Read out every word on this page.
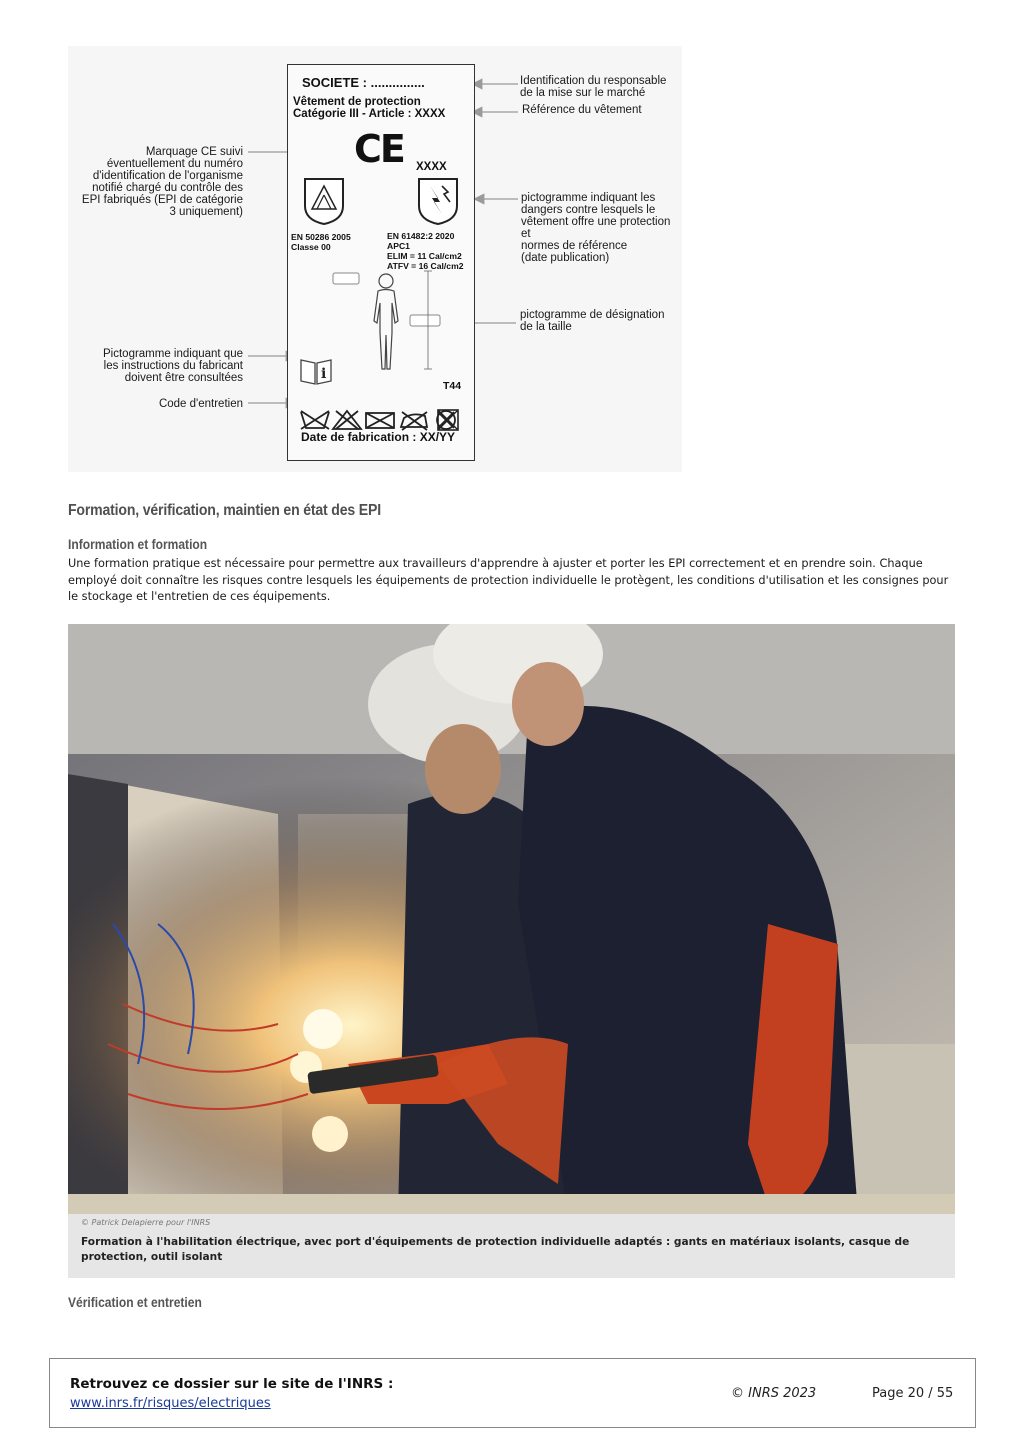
Marquage CE suivi
éventuellement du numéro
d'identification de l'organisme
notifié chargé du contrôle des
EPI fabriqués (EPI de catégorie
3 uniquement)
Pictogramme indiquant que
les instructions du fabricant
doivent être consultées
Code d'entretien
Identification du responsable
de la mise sur le marché
Référence du vêtement
pictogramme indiquant les
dangers contre lesquels le
vêtement offre une protection
et
normes de référence
(date publication)
pictogramme de désignation
de la taille
SOCIETE : ...............
Vêtement de protection
Catégorie III - Article : XXXX
CE XXXX
EN 50286 2005
Classe 00
EN 61482:2 2020
APC1
ELIM = 11 Cal/cm2
ATFV = 16 Cal/cm2
T44
i
Date de fabrication : XX/YY
Formation, vérification, maintien en état des EPI
Information et formation
Une formation pratique est nécessaire pour permettre aux travailleurs d'apprendre à ajuster et porter les EPI correctement et en prendre soin. Chaque employé doit connaître les risques contre lesquels les équipements de protection individuelle le protègent, les conditions d'utilisation et les consignes pour le stockage et l'entretien de ces équipements.
© Patrick Delapierre pour l'INRS
Formation à l'habilitation électrique, avec port d'équipements de protection individuelle adaptés : gants en matériaux isolants, casque de protection, outil isolant
Vérification et entretien
Retrouvez ce dossier sur le site de l'INRS :
www.inrs.fr/risques/electriques
© INRS 2023	Page 20 / 55
